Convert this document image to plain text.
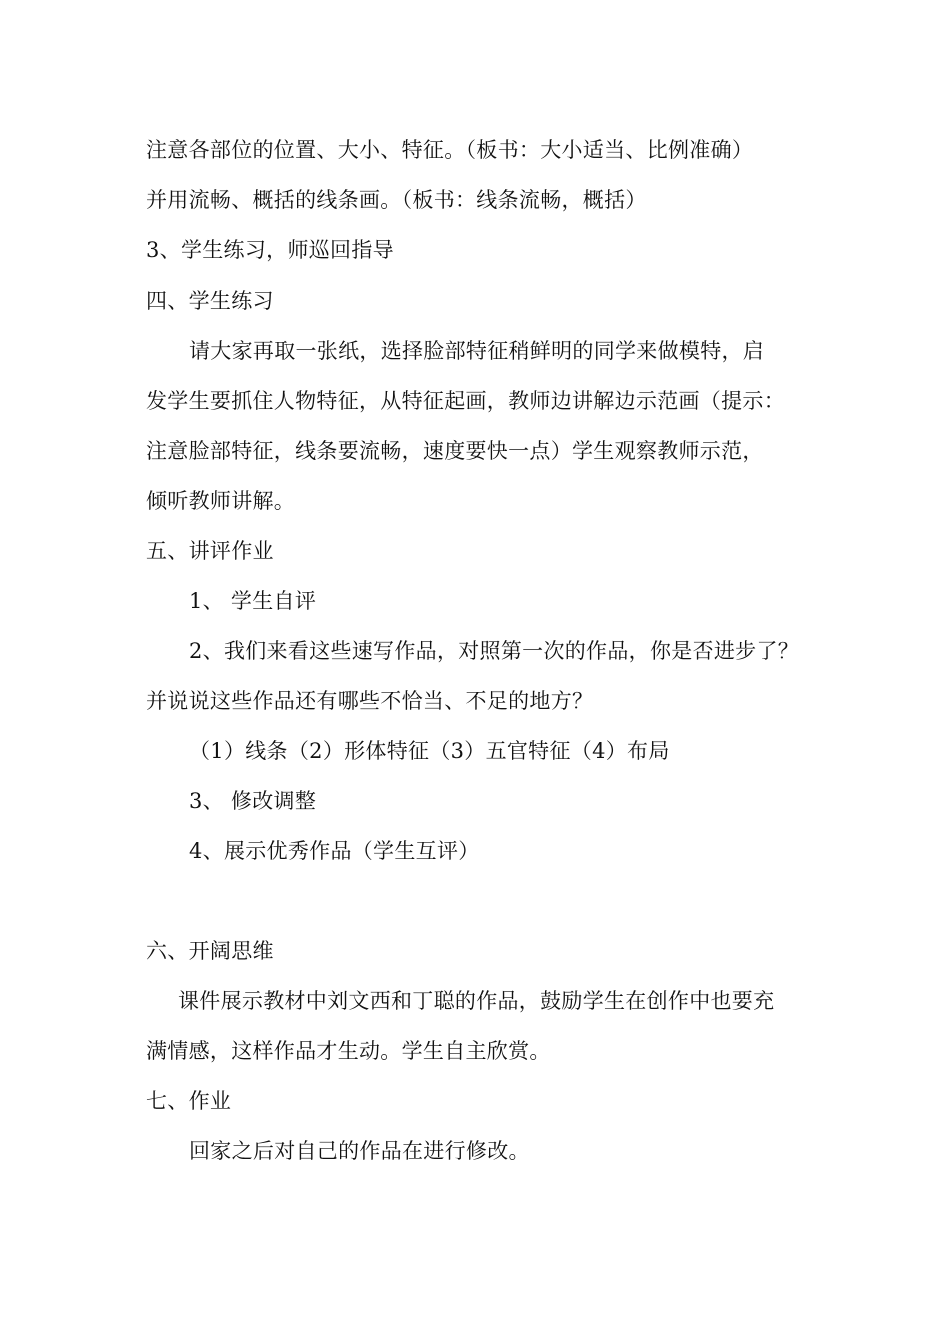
注意各部位的位置、大小、特征。（板书：大小适当、比例准确）
并用流畅、概括的线条画。（板书：线条流畅，概括）
3、学生练习，师巡回指导
四、学生练习
请大家再取一张纸，选择脸部特征稍鲜明的同学来做模特，启
发学生要抓住人物特征，从特征起画，教师边讲解边示范画（提示：
注意脸部特征，线条要流畅，速度要快一点）学生观察教师示范，
倾听教师讲解。
五、讲评作业
1、 学生自评
2、我们来看这些速写作品，对照第一次的作品，你是否进步了？
并说说这些作品还有哪些不恰当、不足的地方？
（1）线条（2）形体特征（3）五官特征（4）布局
3、 修改调整
4、展示优秀作品（学生互评）
六、开阔思维
课件展示教材中刘文西和丁聪的作品，鼓励学生在创作中也要充
满情感，这样作品才生动。学生自主欣赏。
七、作业
回家之后对自己的作品在进行修改。
